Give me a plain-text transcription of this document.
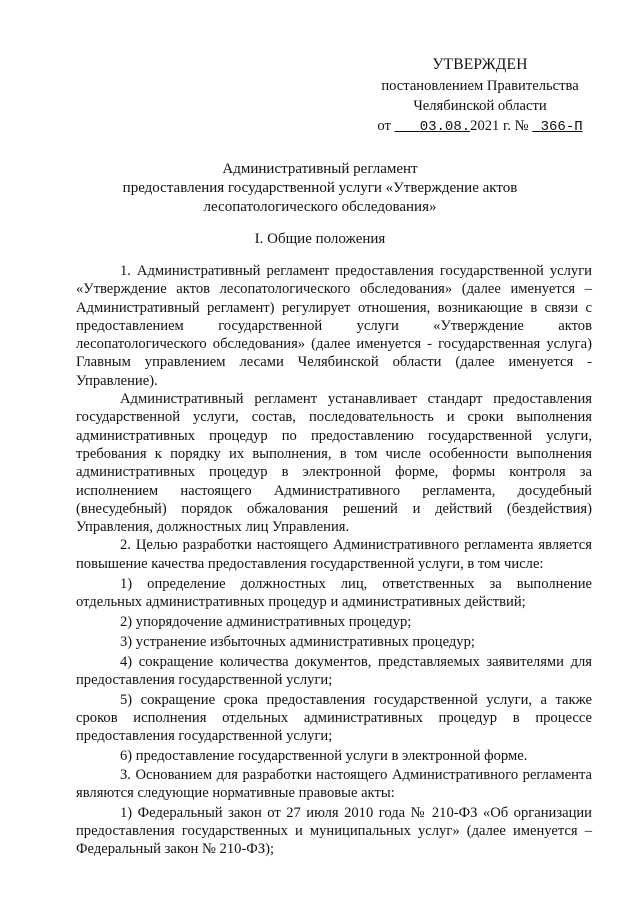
УТВЕРЖДЕН
постановлением Правительства
Челябинской области
от 03.08.2021 г. № 366-П
Административный регламент
предоставления государственной услуги «Утверждение актов
лесопатологического обследования»
I. Общие положения

1. Административный регламент предоставления государственной услуги «Утверждение актов лесопатологического обследования» (далее именуется – Административный регламент) регулирует отношения, возникающие в связи с предоставлением государственной услуги «Утверждение актов лесопатологического обследования» (далее именуется - государственная услуга) Главным управлением лесами Челябинской области (далее именуется - Управление).

Административный регламент устанавливает стандарт предоставления государственной услуги, состав, последовательность и сроки выполнения административных процедур по предоставлению государственной услуги, требования к порядку их выполнения, в том числе особенности выполнения административных процедур в электронной форме, формы контроля за исполнением настоящего Административного регламента, досудебный (внесудебный) порядок обжалования решений и действий (бездействия) Управления, должностных лиц Управления.

2. Целью разработки настоящего Административного регламента является повышение качества предоставления государственной услуги, в том числе:

1) определение должностных лиц, ответственных за выполнение отдельных административных процедур и административных действий;

2) упорядочение административных процедур;

3) устранение избыточных административных процедур;

4) сокращение количества документов, представляемых заявителями для предоставления государственной услуги;

5) сокращение срока предоставления государственной услуги, а также сроков исполнения отдельных административных процедур в процессе предоставления государственной услуги;

6) предоставление государственной услуги в электронной форме.

3. Основанием для разработки настоящего Административного регламента являются следующие нормативные правовые акты:

1) Федеральный закон от 27 июля 2010 года № 210-ФЗ «Об организации предоставления государственных и муниципальных услуг» (далее именуется – Федеральный закон № 210-ФЗ);
